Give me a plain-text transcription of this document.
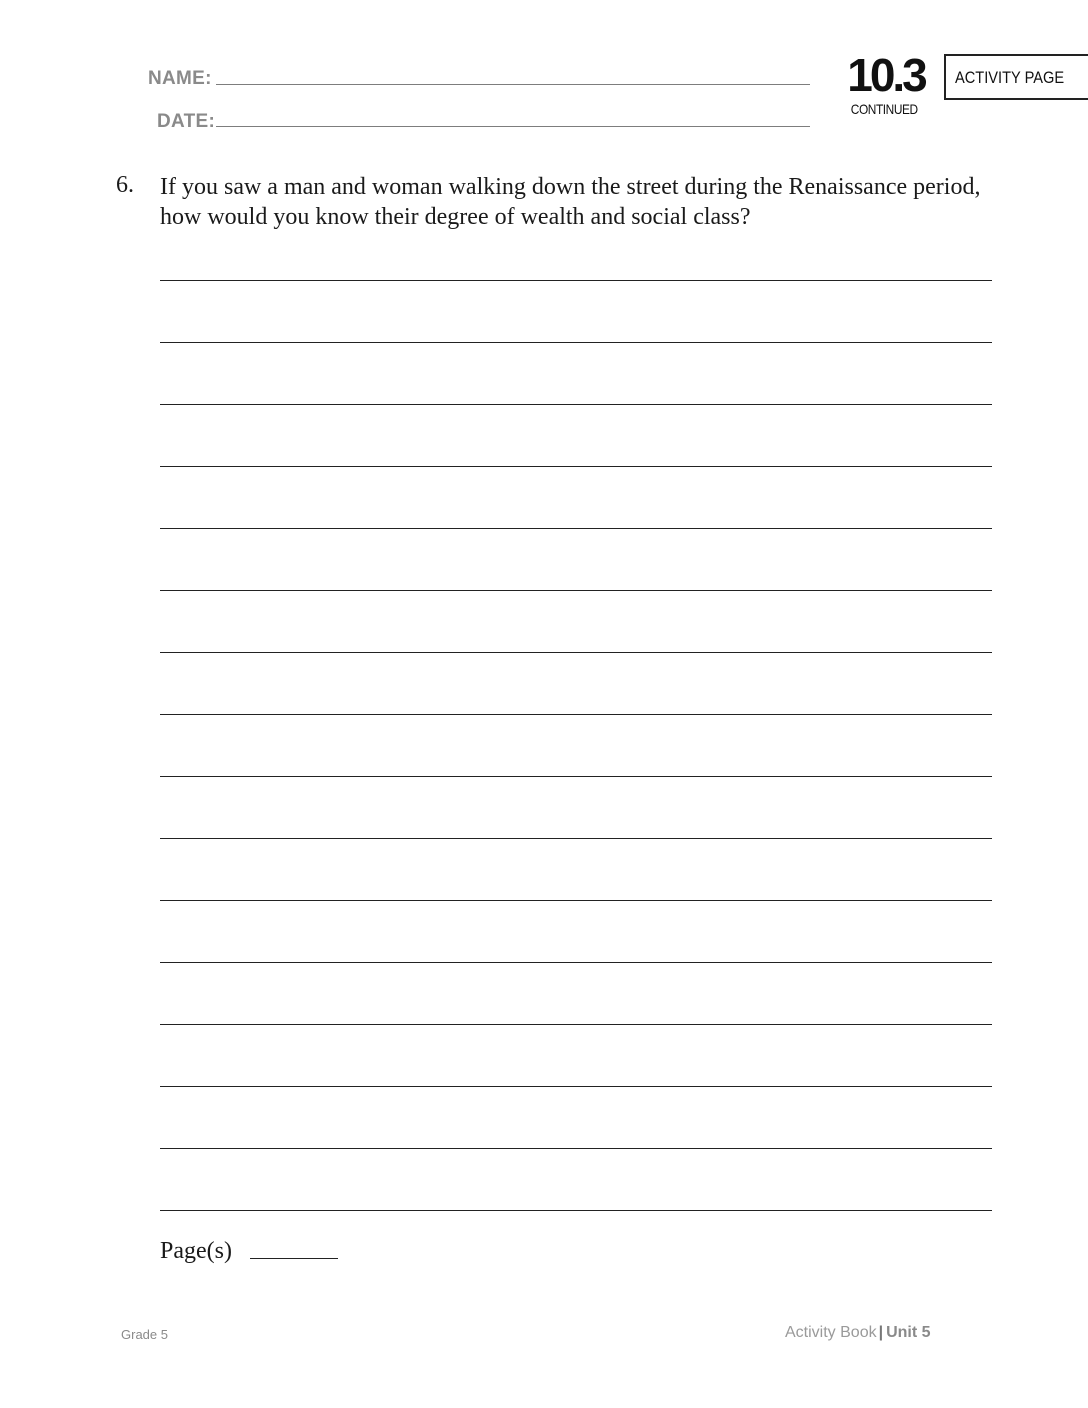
NAME:
DATE:
10.3
CONTINUED
ACTIVITY PAGE
6. If you saw a man and woman walking down the street during the Renaissance period, how would you know their degree of wealth and social class?
Page(s)
Grade 5	Activity Book | Unit 5
